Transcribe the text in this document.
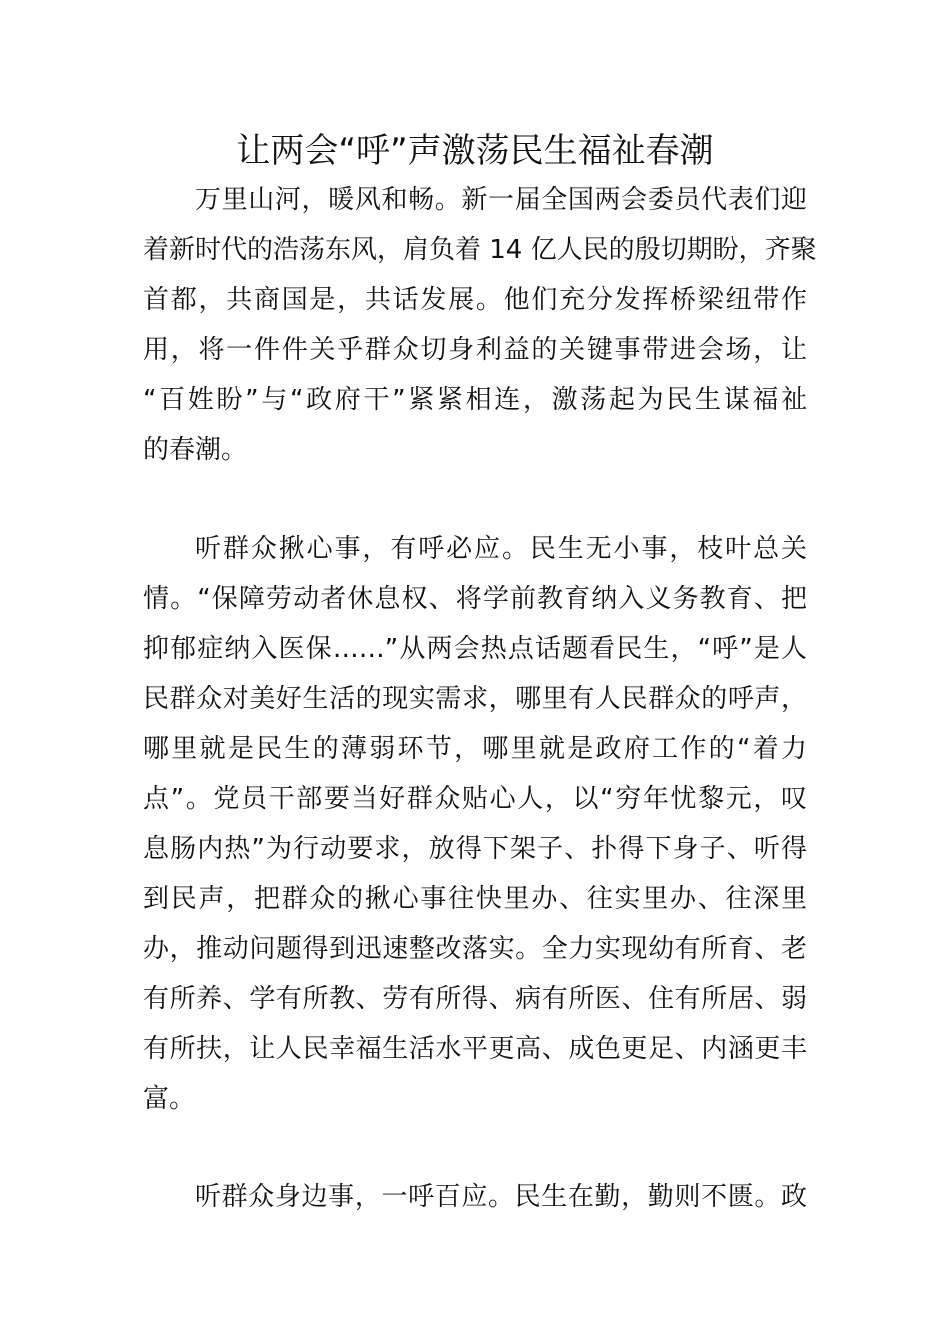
让两会“呼”声激荡民生福祉春潮
万里山河，暖风和畅。新一届全国两会委员代表们迎
着新时代的浩荡东风，肩负着 14 亿人民的殷切期盼，齐聚
首都，共商国是，共话发展。他们充分发挥桥梁纽带作
用，将一件件关乎群众切身利益的关键事带进会场，让
“百姓盼”与“政府干”紧紧相连，激荡起为民生谋福祉
的春潮。
听群众揪心事，有呼必应。民生无小事，枝叶总关
情。“保障劳动者休息权、将学前教育纳入义务教育、把
抑郁症纳入医保……”从两会热点话题看民生，“呼”是人
民群众对美好生活的现实需求，哪里有人民群众的呼声，
哪里就是民生的薄弱环节，哪里就是政府工作的“着力
点”。党员干部要当好群众贴心人，以“穷年忧黎元，叹
息肠内热”为行动要求，放得下架子、扑得下身子、听得
到民声，把群众的揪心事往快里办、往实里办、往深里
办，推动问题得到迅速整改落实。全力实现幼有所育、老
有所养、学有所教、劳有所得、病有所医、住有所居、弱
有所扶，让人民幸福生活水平更高、成色更足、内涵更丰
富。
听群众身边事，一呼百应。民生在勤，勤则不匮。政
